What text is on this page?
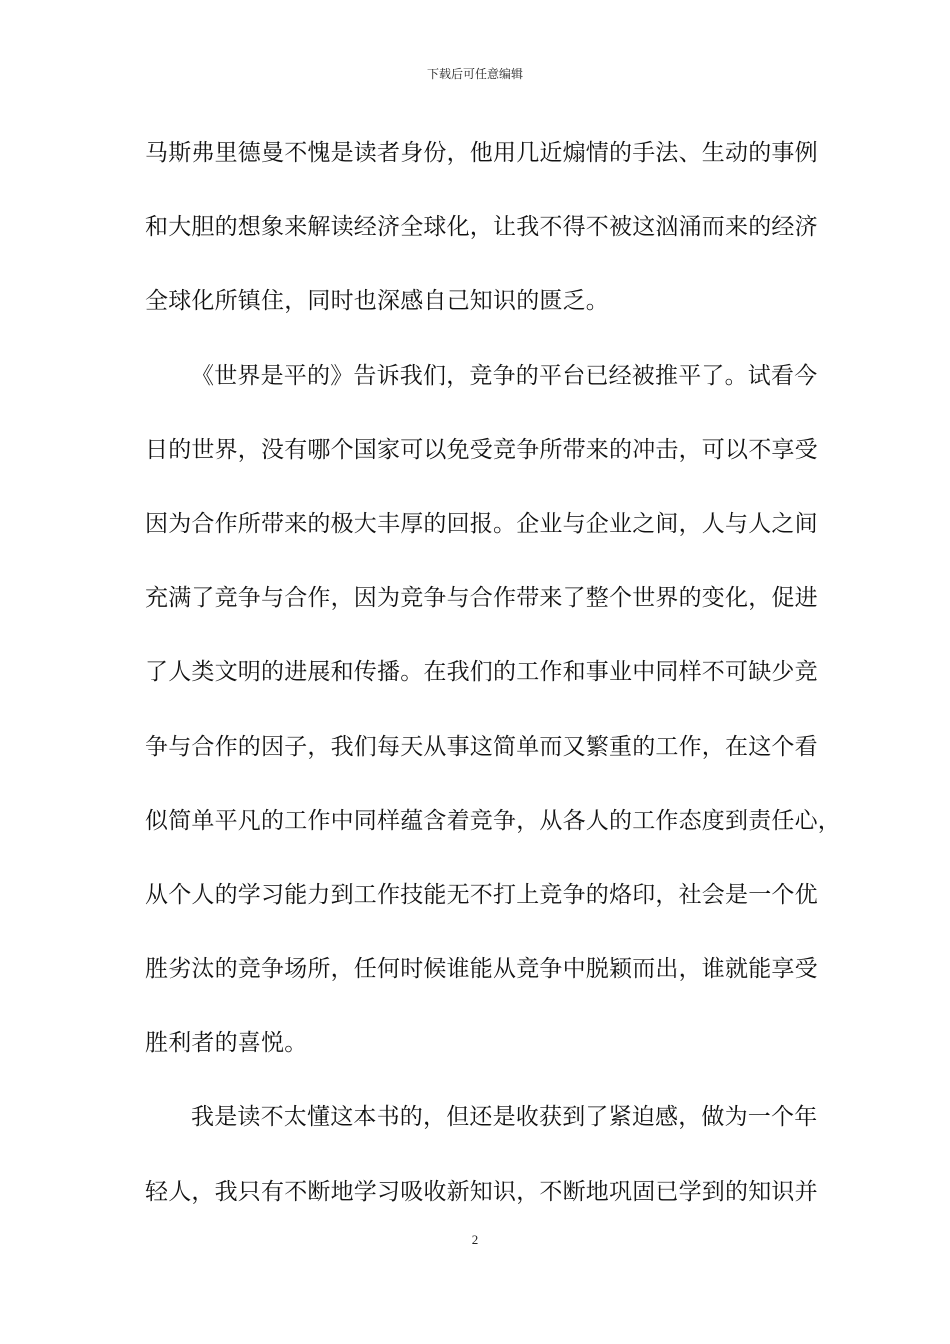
下载后可任意编辑
马斯弗里德曼不愧是读者身份，他用几近煽情的手法、生动的事例
和大胆的想象来解读经济全球化，让我不得不被这汹涌而来的经济
全球化所镇住，同时也深感自己知识的匮乏。
《世界是平的》告诉我们，竞争的平台已经被推平了。试看今
日的世界，没有哪个国家可以免受竞争所带来的冲击，可以不享受
因为合作所带来的极大丰厚的回报。企业与企业之间，人与人之间
充满了竞争与合作，因为竞争与合作带来了整个世界的变化，促进
了人类文明的进展和传播。在我们的工作和事业中同样不可缺少竞
争与合作的因子，我们每天从事这简单而又繁重的工作，在这个看
似简单平凡的工作中同样蕴含着竞争，从各人的工作态度到责任心，
从个人的学习能力到工作技能无不打上竞争的烙印，社会是一个优
胜劣汰的竞争场所，任何时候谁能从竞争中脱颖而出，谁就能享受
胜利者的喜悦。
我是读不太懂这本书的，但还是收获到了紧迫感，做为一个年
轻人，我只有不断地学习吸收新知识，不断地巩固已学到的知识并
2
